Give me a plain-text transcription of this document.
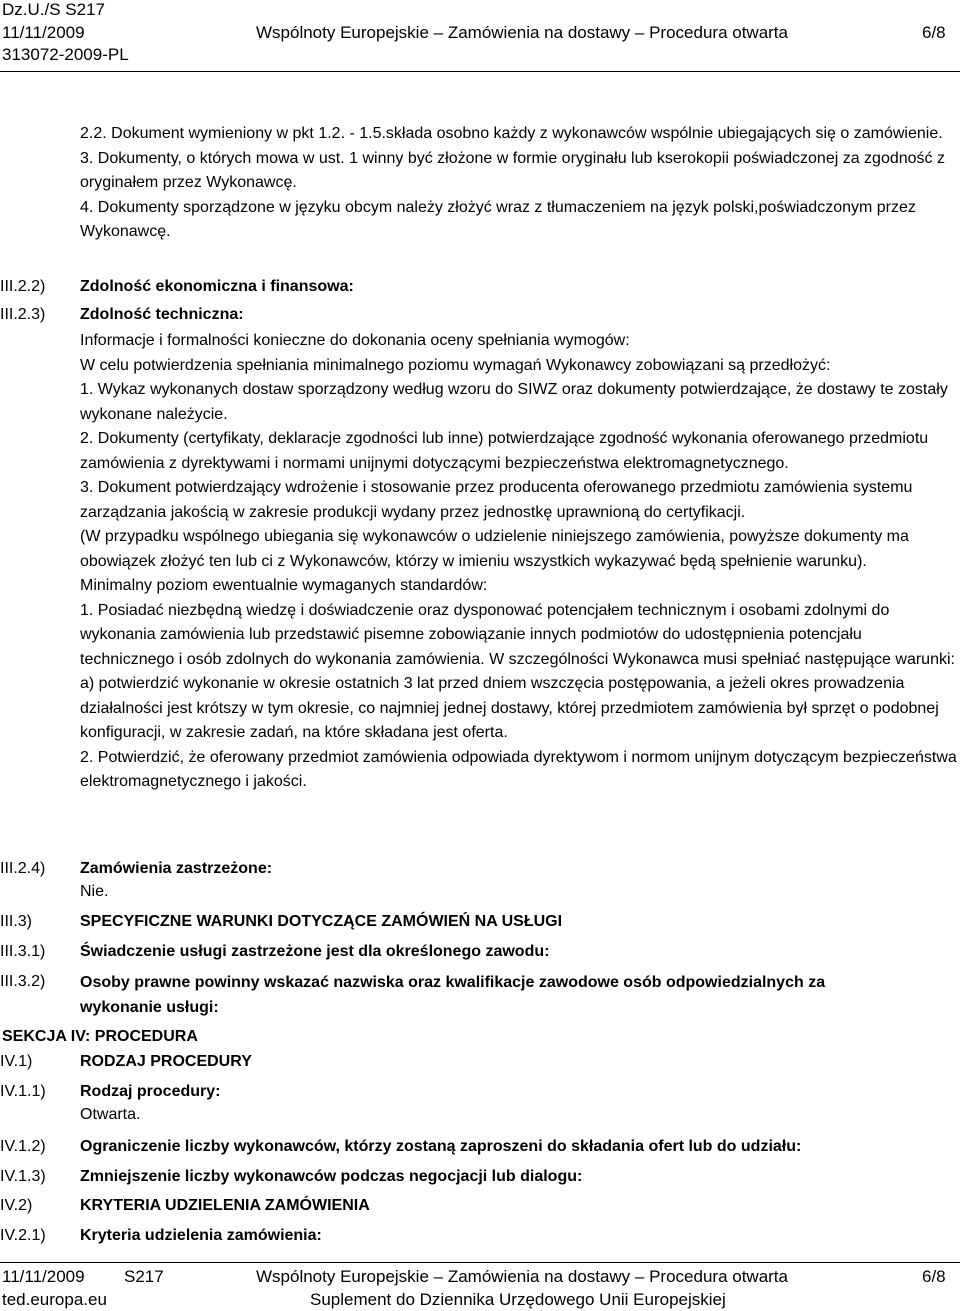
Dz.U./S S217
11/11/2009	Wspólnoty Europejskie – Zamówienia na dostawy – Procedura otwarta	6/8
313072-2009-PL

2.2. Dokument wymieniony w pkt 1.2. - 1.5.składa osobno każdy z wykonawców wspólnie ubiegających się o zamówienie.

3. Dokumenty, o których mowa w ust. 1 winny być złożone w formie oryginału lub kserokopii poświadczonej za zgodność z oryginałem przez Wykonawcę.

4. Dokumenty sporządzone w języku obcym należy złożyć wraz z tłumaczeniem na język polski,poświadczonym przez Wykonawcę.

III.2.2) Zdolność ekonomiczna i finansowa:
III.2.3) Zdolność techniczna:

Informacje i formalności konieczne do dokonania oceny spełniania wymogów:

W celu potwierdzenia spełniania minimalnego poziomu wymagań Wykonawcy zobowiązani są przedłożyć:

1. Wykaz wykonanych dostaw sporządzony według wzoru do SIWZ oraz dokumenty potwierdzające, że dostawy te zostały wykonane należycie.

2. Dokumenty (certyfikaty, deklaracje zgodności lub inne) potwierdzające zgodność wykonania oferowanego przedmiotu zamówienia z dyrektywami i normami unijnymi dotyczącymi bezpieczeństwa elektromagnetycznego.

3. Dokument potwierdzający wdrożenie i stosowanie przez producenta oferowanego przedmiotu zamówienia systemu zarządzania jakością w zakresie produkcji wydany przez jednostkę uprawnioną do certyfikacji.

(W przypadku wspólnego ubiegania się wykonawców o udzielenie niniejszego zamówienia, powyższe dokumenty ma obowiązek złożyć ten lub ci z Wykonawców, którzy w imieniu wszystkich wykazywać będą spełnienie warunku).

Minimalny poziom ewentualnie wymaganych standardów:

1. Posiadać niezbędną wiedzę i doświadczenie oraz dysponować potencjałem technicznym i osobami zdolnymi do wykonania zamówienia lub przedstawić pisemne zobowiązanie innych podmiotów do udostępnienia potencjału technicznego i osób zdolnych do wykonania zamówienia. W szczególności Wykonawca musi spełniać następujące warunki:

a) potwierdzić wykonanie w okresie ostatnich 3 lat przed dniem wszczęcia postępowania, a jeżeli okres prowadzenia działalności jest krótszy w tym okresie, co najmniej jednej dostawy, której przedmiotem zamówienia był sprzęt o podobnej konfiguracji, w zakresie zadań, na które składana jest oferta.

2. Potwierdzić, że oferowany przedmiot zamówienia odpowiada dyrektywom i normom unijnym dotyczącym bezpieczeństwa elektromagnetycznego i jakości.

III.2.4) Zamówienia zastrzeżone:
Nie.
III.3)	SPECYFICZNE WARUNKI DOTYCZĄCE ZAMÓWIEŃ NA USŁUGI
III.3.1) Świadczenie usługi zastrzeżone jest dla określonego zawodu:
III.3.2) Osoby prawne powinny wskazać nazwiska oraz kwalifikacje zawodowe osób odpowiedzialnych za wykonanie usługi:
SEKCJA IV: PROCEDURA
IV.1)	RODZAJ PROCEDURY
IV.1.1) Rodzaj procedury:
Otwarta.
IV.1.2) Ograniczenie liczby wykonawców, którzy zostaną zaproszeni do składania ofert lub do udziału:
IV.1.3) Zmniejszenie liczby wykonawców podczas negocjacji lub dialogu:
IV.2)	KRYTERIA UDZIELENIA ZAMÓWIENIA
IV.2.1) Kryteria udzielenia zamówienia:
11/11/2009 S217	Wspólnoty Europejskie – Zamówienia na dostawy – Procedura otwarta	6/8
ted.europa.eu	Suplement do Dziennika Urzędowego Unii Europejskiej
